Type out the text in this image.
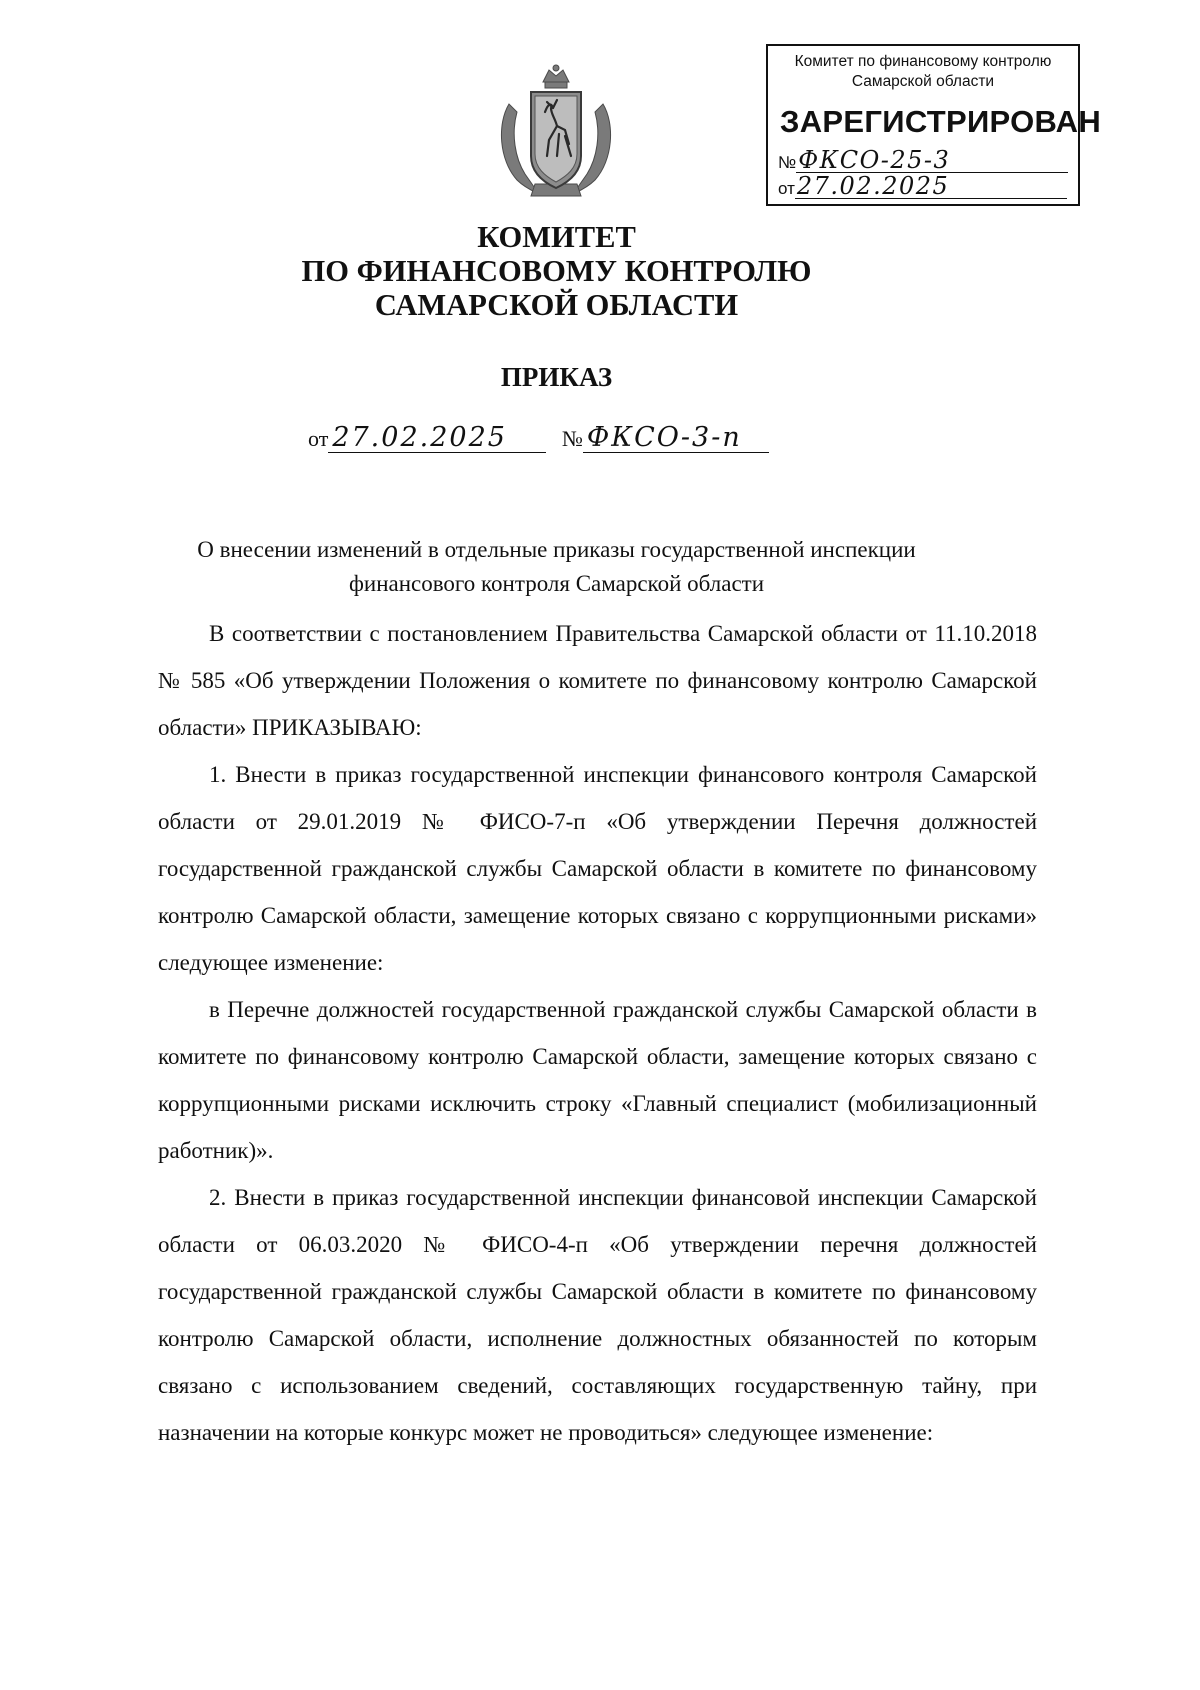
Комитет по финансовому контролю
Самарской области
ЗАРЕГИСТРИРОВАН
№ФКСО-25-3
от27.02.2025
КОМИТЕТ
ПО ФИНАНСОВОМУ КОНТРОЛЮ
САМАРСКОЙ ОБЛАСТИ
ПРИКАЗ
от 27.02.2025 № ФКСО-3-п
О внесении изменений в отдельные приказы государственной инспекции
финансового контроля Самарской области

В соответствии с постановлением Правительства Самарской области от 11.10.2018 № 585 «Об утверждении Положения о комитете по финансовому контролю Самарской области» ПРИКАЗЫВАЮ:

1. Внести в приказ государственной инспекции финансового контроля Самарской области от 29.01.2019 № ФИСО-7-п «Об утверждении Перечня должностей государственной гражданской службы Самарской области в комитете по финансовому контролю Самарской области, замещение которых связано с коррупционными рисками» следующее изменение:

в Перечне должностей государственной гражданской службы Самарской области в комитете по финансовому контролю Самарской области, замещение которых связано с коррупционными рисками исключить строку «Главный специалист (мобилизационный работник)».

2. Внести в приказ государственной инспекции финансовой инспекции Самарской области от 06.03.2020 № ФИСО-4-п «Об утверждении перечня должностей государственной гражданской службы Самарской области в комитете по финансовому контролю Самарской области, исполнение должностных обязанностей по которым связано с использованием сведений, составляющих государственную тайну, при назначении на которые конкурс может не проводиться» следующее изменение:
